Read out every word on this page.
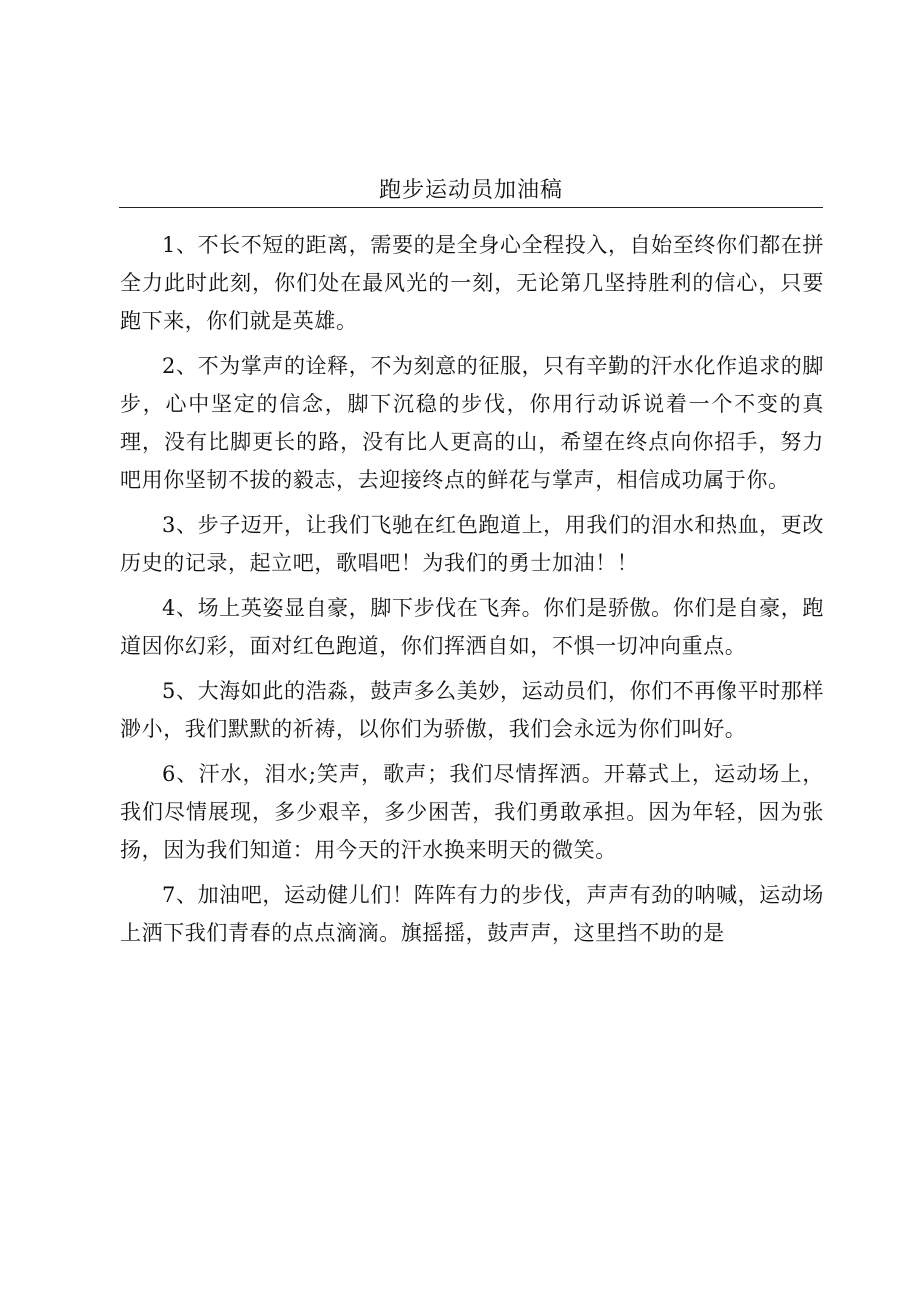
跑步运动员加油稿

1、不长不短的距离，需要的是全身心全程投入，自始至终你们都在拼全力此时此刻，你们处在最风光的一刻，无论第几坚持胜利的信心，只要跑下来，你们就是英雄。

2、不为掌声的诠释，不为刻意的征服，只有辛勤的汗水化作追求的脚步，心中坚定的信念，脚下沉稳的步伐，你用行动诉说着一个不变的真理，没有比脚更长的路，没有比人更高的山，希望在终点向你招手，努力吧用你坚韧不拔的毅志，去迎接终点的鲜花与掌声，相信成功属于你。

3、步子迈开，让我们飞驰在红色跑道上，用我们的泪水和热血，更改历史的记录，起立吧，歌唱吧！为我们的勇士加油！！

4、场上英姿显自豪，脚下步伐在飞奔。你们是骄傲。你们是自豪，跑道因你幻彩，面对红色跑道，你们挥洒自如，不惧一切冲向重点。

5、大海如此的浩淼，鼓声多么美妙，运动员们，你们不再像平时那样渺小，我们默默的祈祷，以你们为骄傲，我们会永远为你们叫好。

6、汗水，泪水;笑声，歌声；我们尽情挥洒。开幕式上，运动场上，我们尽情展现，多少艰辛，多少困苦，我们勇敢承担。因为年轻，因为张扬，因为我们知道：用今天的汗水换来明天的微笑。

7、加油吧，运动健儿们！阵阵有力的步伐，声声有劲的呐喊，运动场上洒下我们青春的点点滴滴。旗摇摇，鼓声声，这里挡不助的是
